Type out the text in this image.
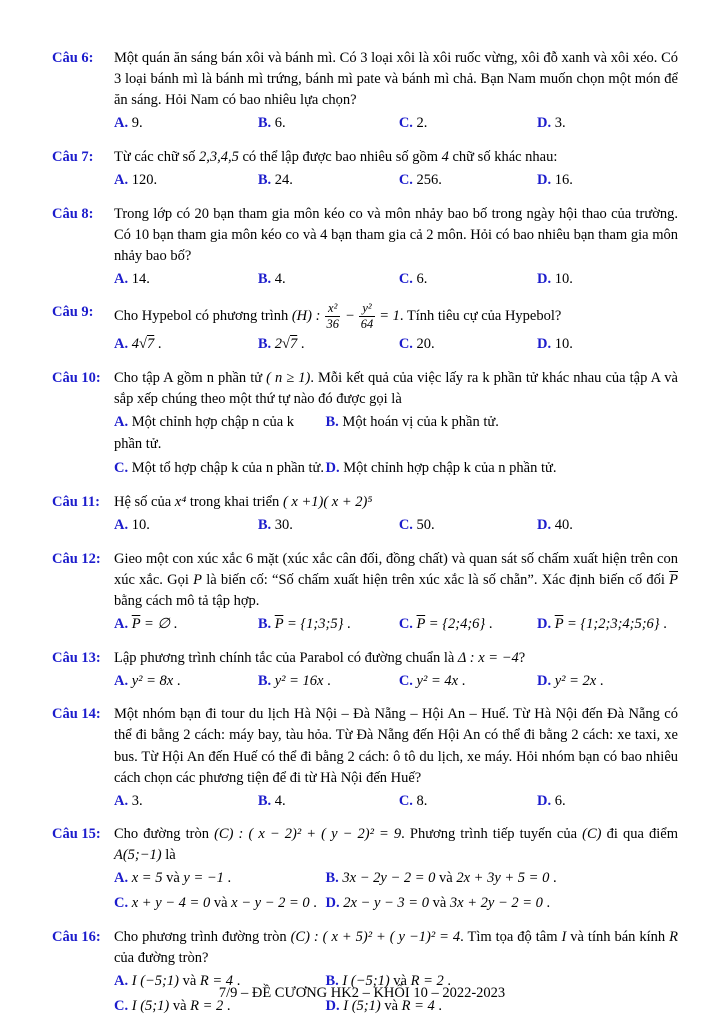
Câu 6:	Một quán ăn sáng bán xôi và bánh mì. Có 3 loại xôi là xôi ruốc vừng, xôi đỗ xanh và xôi xéo. Có 3 loại bánh mì là bánh mì trứng, bánh mì pate và bánh mì chả. Bạn Nam muốn chọn một món để ăn sáng. Hỏi Nam có bao nhiêu lựa chọn?
A. 9.	B. 6.	C. 2.	D. 3.
Câu 7:	Từ các chữ số 2,3,4,5 có thể lập được bao nhiêu số gồm 4 chữ số khác nhau:
A. 120.	B. 24.	C. 256.	D. 16.
Câu 8:	Trong lớp có 20 bạn tham gia môn kéo co và môn nhảy bao bố trong ngày hội thao của trường. Có 10 bạn tham gia môn kéo co và 4 bạn tham gia cả 2 môn. Hỏi có bao nhiêu bạn tham gia môn nhảy bao bố?
A. 14.	B. 4.	C. 6.	D. 10.
Câu 9:	Cho Hypebol có phương trình (H) : $\frac{\text{x²}}{36} - \frac{\text{y²}}{64} = 1$. Tính tiêu cự của Hypebol?
A. 4√7 .	B. 2√7 .	C. 20.	D. 10.
Câu 10: Cho tập A gồm n phần tử ( n ≥ 1). Mỗi kết quả của việc lấy ra k phần tử khác nhau của tập A và sắp xếp chúng theo một thứ tự nào đó được gọi là
A. Một chỉnh hợp chập n của k phần tử.
B. Một hoán vị của k phần tử.
C. Một tổ hợp chập k của n phần tử. D. Một chỉnh hợp chập k của n phần tử.
Câu 11: Hệ số của x⁴ trong khai triển ( x +1)( x + 2)⁵
A. 10.	B. 30.	C. 50.	D. 40.
Câu 12: Gieo một con xúc xắc 6 mặt (xúc xắc cân đối, đồng chất) và quan sát số chấm xuất hiện trên con xúc xắc. Gọi P là biến cố: “Số chấm xuất hiện trên xúc xắc là số chẵn”. Xác định biến cố đối $\overline{P}$ bằng cách mô tả tập hợp.
A. $\overline{P}$ = ∅ .	B. $\overline{P}$ = {1;3;5} .	C. $\overline{P}$ = {2;4;6} .	D. $\overline{P}$ = {1;2;3;4;5;6} .
Câu 13: Lập phương trình chính tắc của Parabol có đường chuẩn là Δ : x = −4?
A. y² = 8x .	B. y² = 16x .	C. y² = 4x .	D. y² = 2x .
Câu 14: Một nhóm bạn đi tour du lịch Hà Nội – Đà Nẵng – Hội An – Huế. Từ Hà Nội đến Đà Nẵng có thể đi bằng 2 cách: máy bay, tàu hỏa. Từ Đà Nẵng đến Hội An có thể đi bằng 2 cách: xe taxi, xe bus. Từ Hội An đến Huế có thể đi bằng 2 cách: ô tô du lịch, xe máy. Hỏi nhóm bạn có bao nhiêu cách chọn các phương tiện để đi từ Hà Nội đến Huế?
A. 3.	B. 4.	C. 8.	D. 6.
Câu 15: Cho đường tròn (C) : ( x − 2)² + ( y − 2)² = 9. Phương trình tiếp tuyến của (C) đi qua điểm A(5;−1) là
A. x = 5 và y = −1 .	B. 3x − 2y − 2 = 0 và 2x + 3y + 5 = 0 .
C. x + y − 4 = 0 và x − y − 2 = 0 . D. 2x − y − 3 = 0 và 3x + 2y − 2 = 0 .
Câu 16: Cho phương trình đường tròn (C) : ( x + 5)² + ( y −1)² = 4. Tìm tọa độ tâm I và tính bán kính R của đường tròn?
A. I (−5;1) và R = 4 .	B. I (−5;1) và R = 2 .
C. I (5;1) và R = 2 .	D. I (5;1) và R = 4 .
7/9 – ĐỀ CƯƠNG HK2 – KHỐI 10 – 2022-2023
